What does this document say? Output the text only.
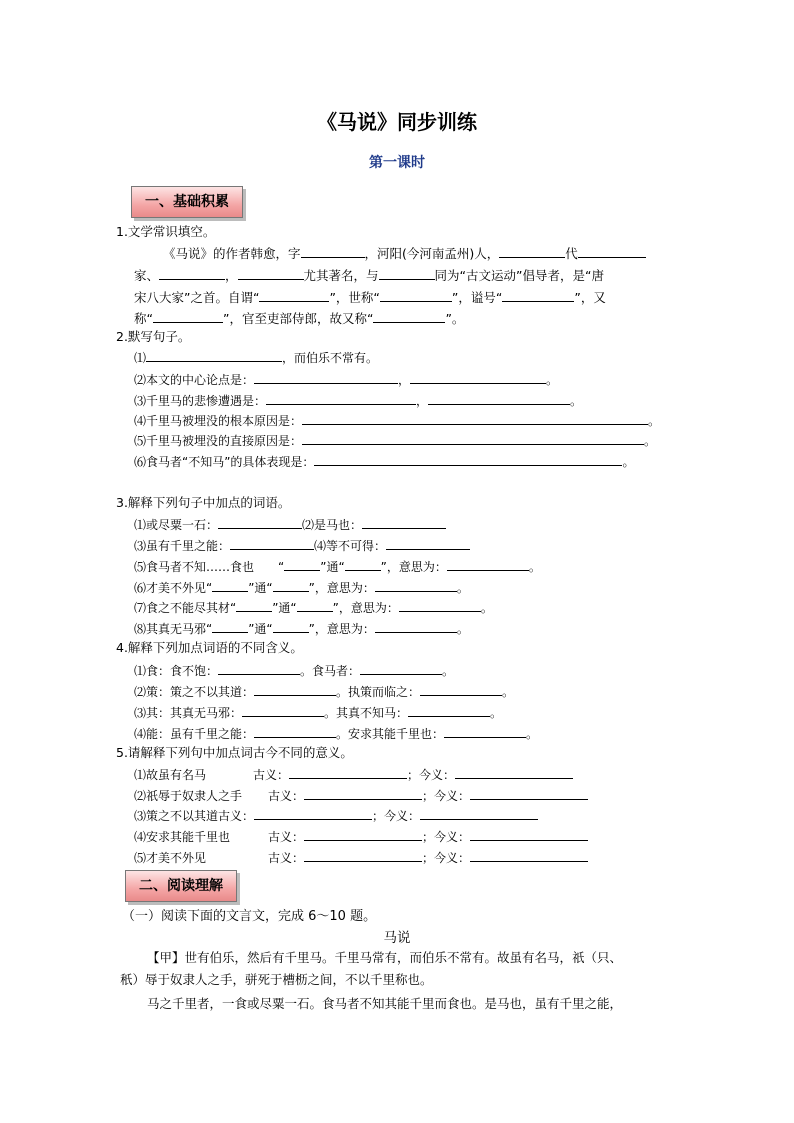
《马说》同步训练
第一课时
一、基础积累
1.文学常识填空。
《马说》的作者韩愈，字	，河阳(今河南孟州)人，	代
家、	，	尤其著名，与	同为“古文运动”倡导者，是“唐
宋八大家”之首。自谓“	”，世称“	”，谥号“	”，又
称“	”，官至吏部侍郎，故又称“	”。
2.默写句子。
⑴	，而伯乐不常有。
⑵本文的中心论点是：	，	。
⑶千里马的悲惨遭遇是：	，	。
⑷千里马被埋没的根本原因是：	。
⑸千里马被埋没的直接原因是：	。
⑹食马者“不知马”的具体表现是：	。
3.解释下列句子中加点的词语。
⑴或尽粟一石：	⑵是马也：
⑶虽有千里之能：	⑷等不可得：
⑸食马者不知……食也 “	”通“	”，意思为：	。
⑹才美不外见“	”通“	”，意思为：	。
⑺食之不能尽其材“	”通“	”，意思为：	。
⑻其真无马邪“	”通“	”，意思为：	。
4.解释下列加点词语的不同含义。
⑴食：食不饱：	。食马者：	。
⑵策：策之不以其道：	。执策而临之：	。
⑶其：其真无马邪：	。其真不知马：	。
⑷能：虽有千里之能：	。安求其能千里也：	。
5.请解释下列句中加点词古今不同的意义。
⑴故虽有名马	古义：	；今义：
⑵祇辱于奴隶人之手 古义：	；今义：
⑶策之不以其道古义：	；今义：
⑷安求其能千里也	古义：	；今义：
⑸才美不外见	古义：	；今义：
二、阅读理解
（一）阅读下面的文言文，完成 6～10 题。
马说
【甲】世有伯乐，然后有千里马。千里马常有，而伯乐不常有。故虽有名马，祇（只、
秖）辱于奴隶人之手，骈死于槽枥之间，不以千里称也。
马之千里者，一食或尽粟一石。食马者不知其能千里而食也。是马也，虽有千里之能，
